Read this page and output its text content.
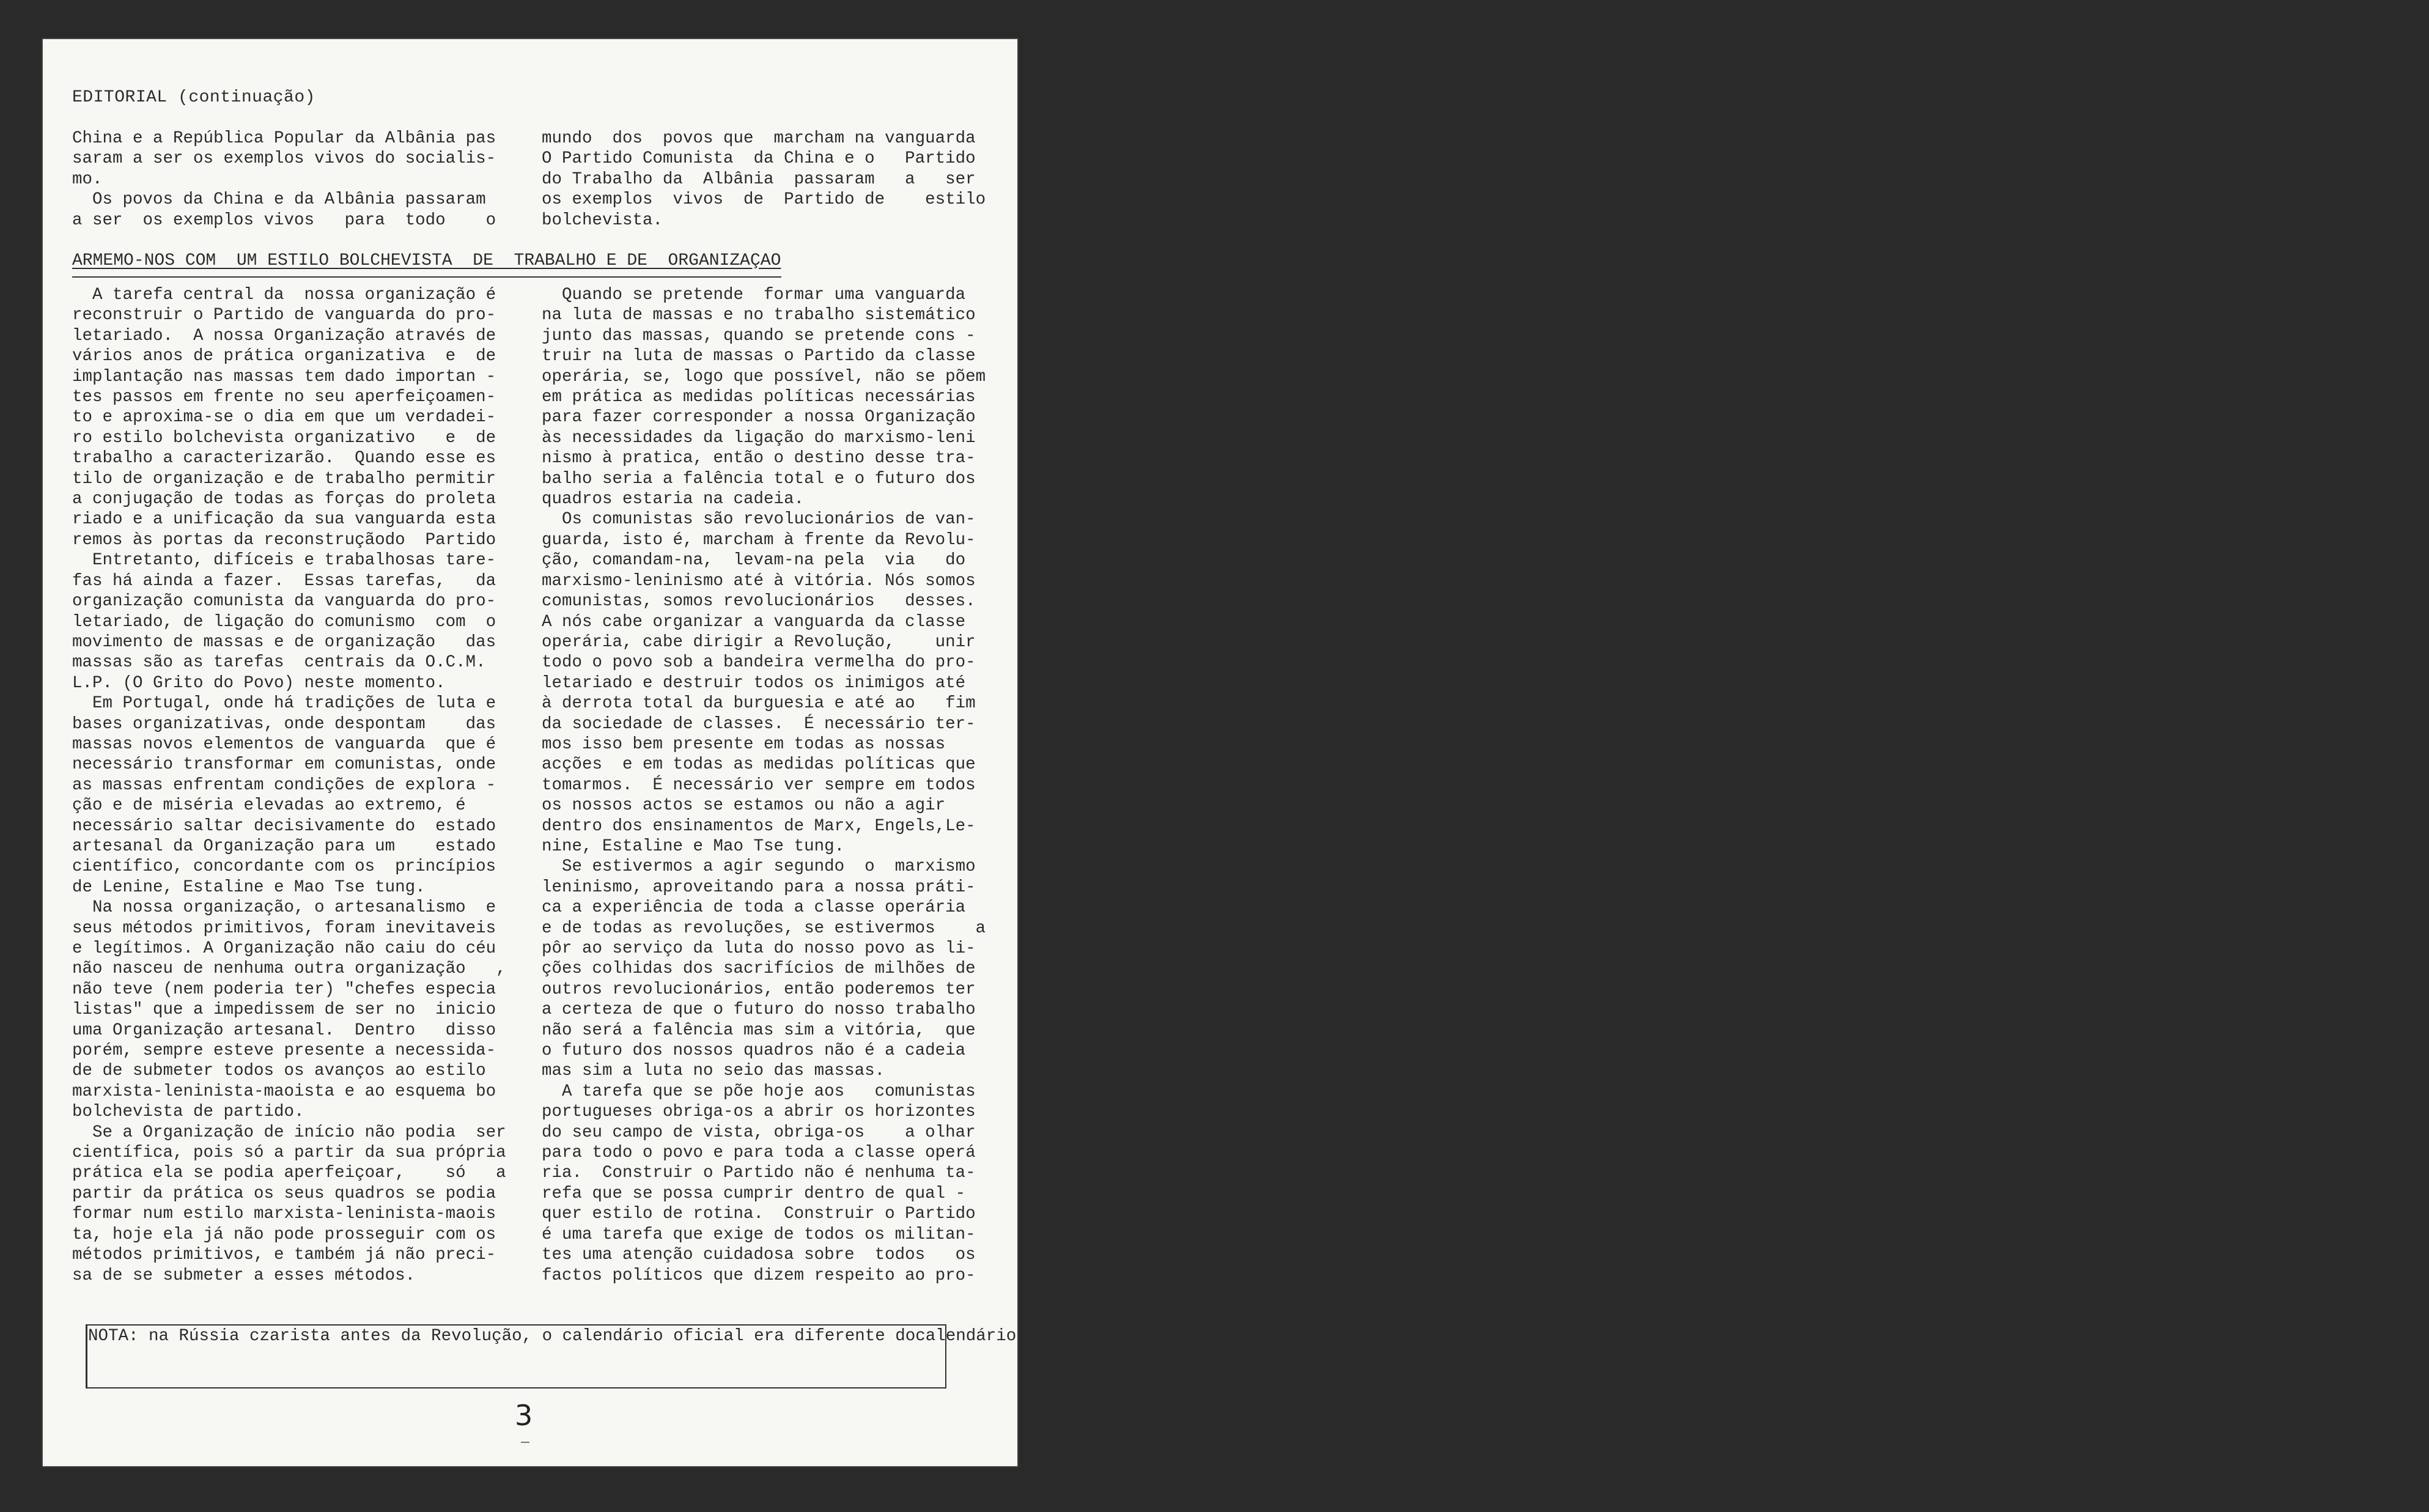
EDITORIAL (continuação)
China e a República Popular da Albânia pas
saram a ser os exemplos vivos do socialis-
mo.
Os povos da China e da Albânia passaram
a ser  os exemplos vivos   para  todo    o
mundo  dos  povos que  marcham na vanguarda
O Partido Comunista  da China e o   Partido
do Trabalho da  Albânia  passaram   a   ser
os exemplos  vivos  de  Partido de    estilo
bolchevista.
ARMEMO-NOS COM  UM ESTILO BOLCHEVISTA  DE  TRABALHO E DE  ORGANIZAÇAO
A tarefa central da  nossa organização é
reconstruir o Partido de vanguarda do pro-
letariado.  A nossa Organização através de
vários anos de prática organizativa  e  de
implantação nas massas tem dado importan -
tes passos em frente no seu aperfeiçoamen-
to e aproxima-se o dia em que um verdadei-
ro estilo bolchevista organizativo   e  de
trabalho a caracterizarão.  Quando esse es
tilo de organização e de trabalho permitir
a conjugação de todas as forças do proleta
riado e a unificação da sua vanguarda esta
remos às portas da reconstruçãodo  Partido
Entretanto, difíceis e trabalhosas tare-
fas há ainda a fazer.  Essas tarefas,   da
organização comunista da vanguarda do pro-
letariado, de ligação do comunismo  com  o
movimento de massas e de organização   das
massas são as tarefas  centrais da O.C.M.
L.P. (O Grito do Povo) neste momento.
Em Portugal, onde há tradições de luta e
bases organizativas, onde despontam    das
massas novos elementos de vanguarda  que é
necessário transformar em comunistas, onde
as massas enfrentam condições de explora -
ção e de miséria elevadas ao extremo, é
necessário saltar decisivamente do  estado
artesanal da Organização para um    estado
científico, concordante com os  princípios
de Lenine, Estaline e Mao Tse tung.
Na nossa organização, o artesanalismo  e
seus métodos primitivos, foram inevitaveis
e legítimos. A Organização não caiu do céu
não nasceu de nenhuma outra organização   ,
não teve (nem poderia ter) "chefes especia
listas" que a impedissem de ser no  inicio
uma Organização artesanal.  Dentro   disso
porém, sempre esteve presente a necessida-
de de submeter todos os avanços ao estilo
marxista-leninista-maoista e ao esquema bo
bolchevista de partido.
Se a Organização de início não podia  ser
científica, pois só a partir da sua própria
prática ela se podia aperfeiçoar,    só   a
partir da prática os seus quadros se podia
formar num estilo marxista-leninista-maois
ta, hoje ela já não pode prosseguir com os
métodos primitivos, e também já não preci-
sa de se submeter a esses métodos.
Quando se pretende  formar uma vanguarda
na luta de massas e no trabalho sistemático
junto das massas, quando se pretende cons -
truir na luta de massas o Partido da classe
operária, se, logo que possível, não se põem
em prática as medidas políticas necessárias
para fazer corresponder a nossa Organização
às necessidades da ligação do marxismo-leni
nismo à pratica, então o destino desse tra-
balho seria a falência total e o futuro dos
quadros estaria na cadeia.
Os comunistas são revolucionários de van-
guarda, isto é, marcham à frente da Revolu-
ção, comandam-na,  levam-na pela  via   do
marxismo-leninismo até à vitória. Nós somos
comunistas, somos revolucionários   desses.
A nós cabe organizar a vanguarda da classe
operária, cabe dirigir a Revolução,    unir
todo o povo sob a bandeira vermelha do pro-
letariado e destruir todos os inimigos até
à derrota total da burguesia e até ao   fim
da sociedade de classes.  É necessário ter-
mos isso bem presente em todas as nossas
acções  e em todas as medidas políticas que
tomarmos.  É necessário ver sempre em todos
os nossos actos se estamos ou não a agir
dentro dos ensinamentos de Marx, Engels,Le-
nine, Estaline e Mao Tse tung.
Se estivermos a agir segundo  o  marxismo
leninismo, aproveitando para a nossa práti-
ca a experiência de toda a classe operária
e de todas as revoluções, se estivermos    a
pôr ao serviço da luta do nosso povo as li-
ções colhidas dos sacrifícios de milhões de
outros revolucionários, então poderemos ter
a certeza de que o futuro do nosso trabalho
não será a falência mas sim a vitória,  que
o futuro dos nossos quadros não é a cadeia
mas sim a luta no seio das massas.
A tarefa que se põe hoje aos   comunistas
portugueses obriga-os a abrir os horizontes
do seu campo de vista, obriga-os    a olhar
para todo o povo e para toda a classe operá
ria.  Construir o Partido não é nenhuma ta-
refa que se possa cumprir dentro de qual -
quer estilo de rotina.  Construir o Partido
é uma tarefa que exige de todos os militan-
tes uma atenção cuidadosa sobre  todos   os
factos políticos que dizem respeito ao pro-
NOTA: na Rússia czarista antes da Revolução, o calendário oficial era diferente docalendário usado no ocidente, andava atrasado em relação a este 13 dias, por issoa Grande Data do 25 de Outubro, no nosso calendário é a 7 de Novembro
3
